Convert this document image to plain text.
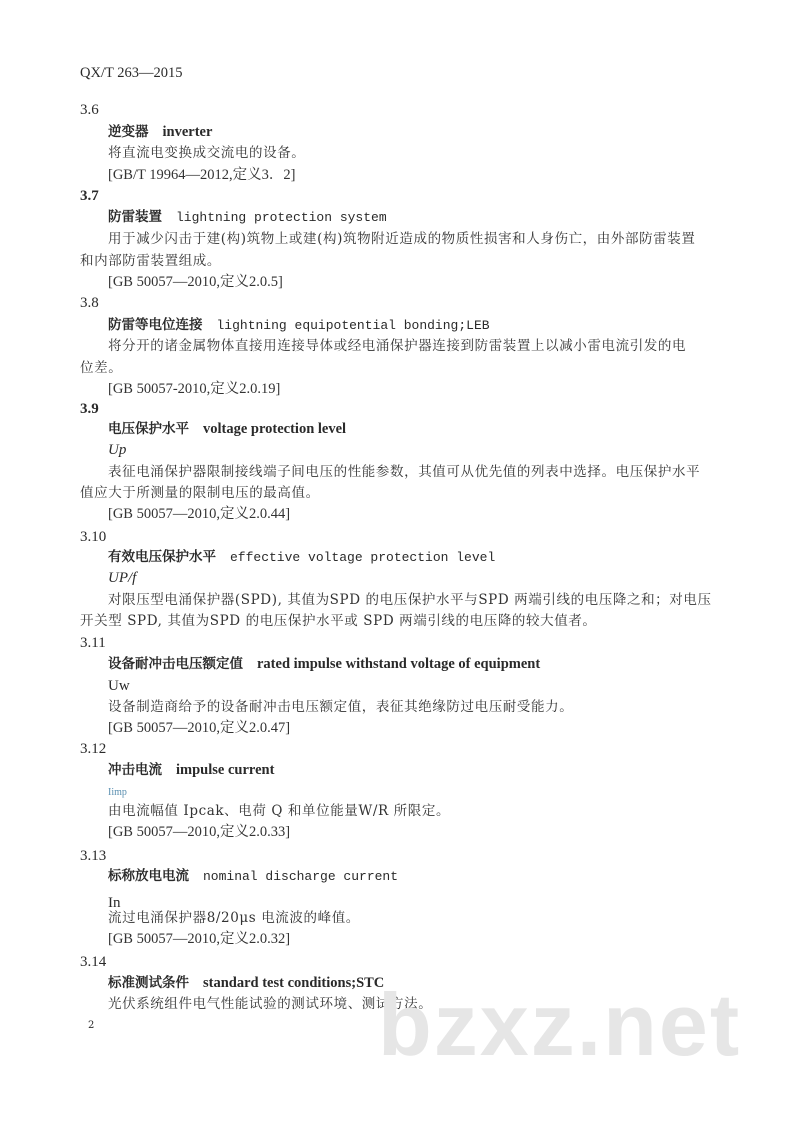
QX/T 263—2015
3.6
逆变器 inverter
将直流电变换成交流电的设备。
[GB/T 19964—2012,定义3．2]
3.7
防雷装置 lightning protection system
用于减少闪击于建(构)筑物上或建(构)筑物附近造成的物质性损害和人身伤亡，由外部防雷装置
和内部防雷装置组成。
[GB 50057—2010,定义2.0.5]
3.8
防雷等电位连接 lightning equipotential bonding;LEB
将分开的诸金属物体直接用连接导体或经电涌保护器连接到防雷装置上以减小雷电流引发的电
位差。
[GB 50057-2010,定义2.0.19]
3.9
电压保护水平 voltage protection level
Up
表征电涌保护器限制接线端子间电压的性能参数，其值可从优先值的列表中选择。电压保护水平
值应大于所测量的限制电压的最高值。
[GB 50057—2010,定义2.0.44]
3.10
有效电压保护水平 effective voltage protection level
UP/f
对限压型电涌保护器(SPD), 其值为SPD 的电压保护水平与SPD 两端引线的电压降之和；对电压
开关型 SPD, 其值为SPD 的电压保护水平或 SPD 两端引线的电压降的较大值者。
3.11
设备耐冲击电压额定值 rated impulse withstand voltage of equipment
Uw
设备制造商给予的设备耐冲击电压额定值，表征其绝缘防过电压耐受能力。
[GB 50057—2010,定义2.0.47]
3.12
冲击电流 impulse current
Iimp
由电流幅值 Ipcak、电荷 Q 和单位能量W/R 所限定。
[GB 50057—2010,定义2.0.33]
3.13
标称放电电流 nominal discharge current
In
流过电涌保护器8/20μs 电流波的峰值。
[GB 50057—2010,定义2.0.32]
3.14
标准测试条件 standard test conditions;STC
光伏系统组件电气性能试验的测试环境、测试方法。
bzxz.net
2
